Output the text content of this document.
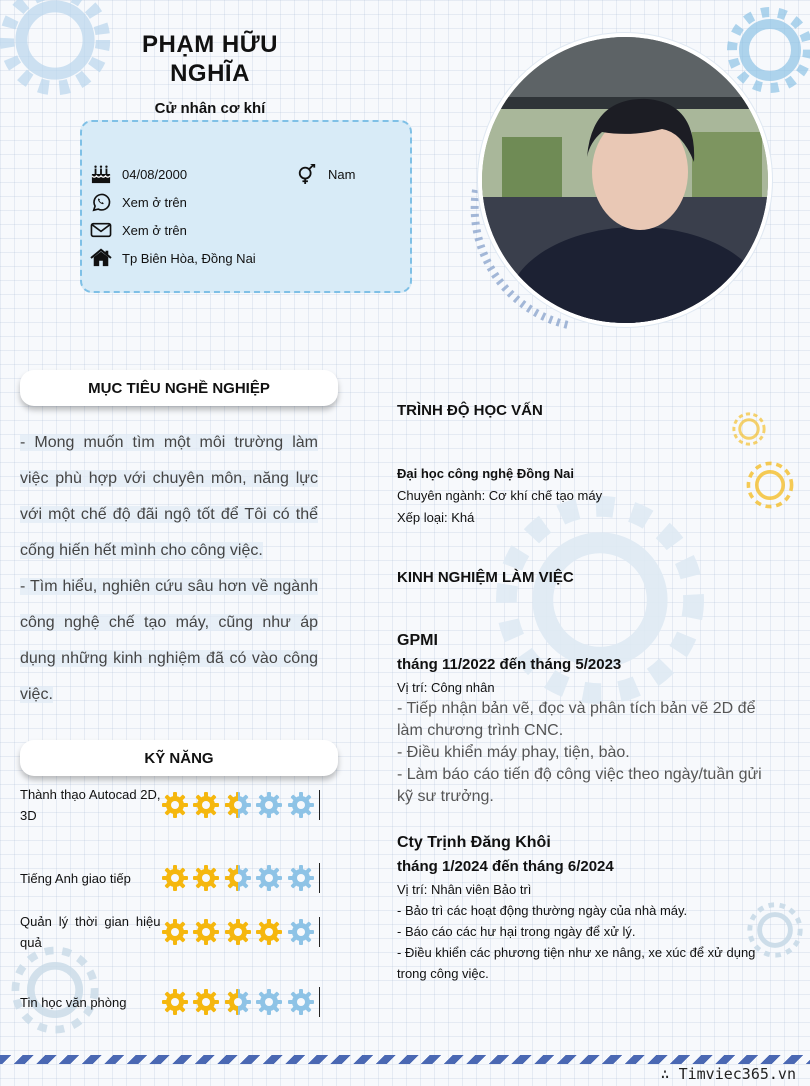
PHẠM HỮU
NGHĨA
Cử nhân cơ khí
04/08/2000	Nam
Xem ở trên
Xem ở trên
Tp Biên Hòa, Đồng Nai
MỤC TIÊU NGHỀ NGHIỆP

- Mong muốn tìm một môi trường làm việc phù hợp với chuyên môn, năng lực với một chế độ đãi ngộ tốt để Tôi có thể cống hiến hết mình cho công việc.

- Tìm hiểu, nghiên cứu sâu hơn về ngành công nghệ chế tạo máy, cũng như áp dụng những kinh nghiệm đã có vào công việc.

KỸ NĂNG
Thành thạo Autocad 2D, 3D
Tiếng Anh giao tiếp
Quản lý thời gian hiệu quả
Tin học văn phòng
TRÌNH ĐỘ HỌC VẤN
Đại học công nghệ Đồng Nai
Chuyên ngành: Cơ khí chế tạo máy
Xếp loại: Khá
KINH NGHIỆM LÀM VIỆC
GPMI
tháng 11/2022 đến tháng 5/2023
Vị trí: Công nhân
- Tiếp nhận bản vẽ, đọc và phân tích bản vẽ 2D để làm chương trình CNC.
- Điều khiển máy phay, tiện, bào.
- Làm báo cáo tiến độ công việc theo ngày/tuần gửi kỹ sư trưởng.
Cty Trịnh Đăng Khôi
tháng 1/2024 đến tháng 6/2024
Vị trí: Nhân viên Bảo trì
- Bảo trì các hoạt động thường ngày của nhà máy.
- Báo cáo các hư hại trong ngày để xử lý.
- Điều khiển các phương tiện như xe nâng, xe xúc để xử dụng trong công việc.
∴ Timviec365.vn
